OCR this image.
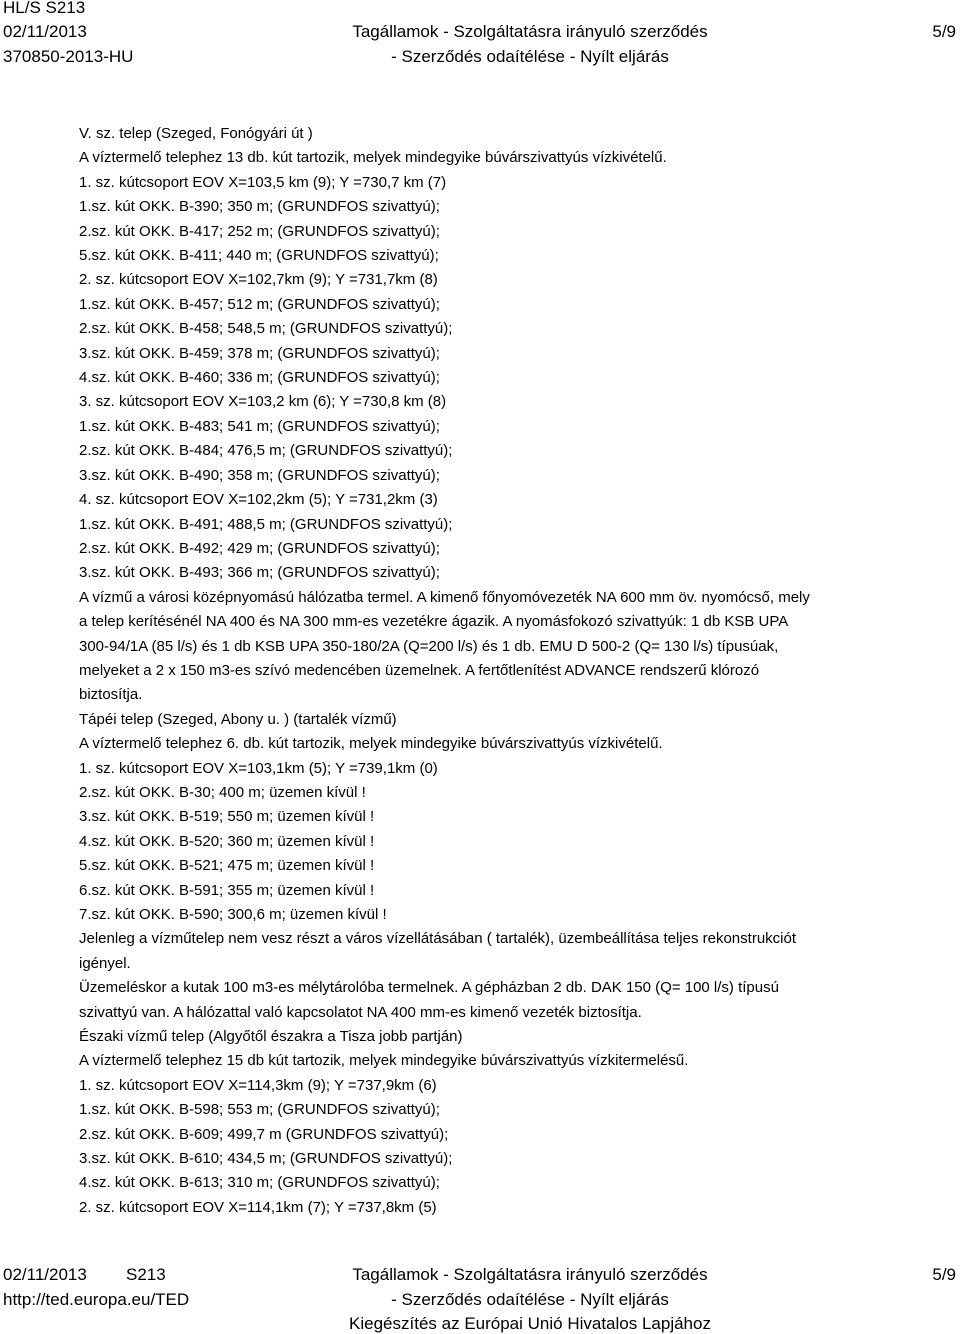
HL/S S213
02/11/2013
370850-2013-HU
Tagállamok - Szolgáltatásra irányuló szerződés
- Szerződés odaítélése - Nyílt eljárás
5/9

V. sz. telep (Szeged, Fonógyári út )

A víztermelő telephez 13 db. kút tartozik, melyek mindegyike búvárszivattyús vízkivételű.

1. sz. kútcsoport EOV X=103,5 km (9); Y =730,7 km (7)

1.sz. kút OKK. B-390; 350 m; (GRUNDFOS szivattyú);

2.sz. kút OKK. B-417; 252 m; (GRUNDFOS szivattyú);

5.sz. kút OKK. B-411; 440 m; (GRUNDFOS szivattyú);

2. sz. kútcsoport EOV X=102,7km (9); Y =731,7km (8)

1.sz. kút OKK. B-457; 512 m; (GRUNDFOS szivattyú);

2.sz. kút OKK. B-458; 548,5 m; (GRUNDFOS szivattyú);

3.sz. kút OKK. B-459; 378 m; (GRUNDFOS szivattyú);

4.sz. kút OKK. B-460; 336 m; (GRUNDFOS szivattyú);

3. sz. kútcsoport EOV X=103,2 km (6); Y =730,8 km (8)

1.sz. kút OKK. B-483; 541 m; (GRUNDFOS szivattyú);

2.sz. kút OKK. B-484; 476,5 m; (GRUNDFOS szivattyú);

3.sz. kút OKK. B-490; 358 m; (GRUNDFOS szivattyú);

4. sz. kútcsoport EOV X=102,2km (5); Y =731,2km (3)

1.sz. kút OKK. B-491; 488,5 m; (GRUNDFOS szivattyú);

2.sz. kút OKK. B-492; 429 m; (GRUNDFOS szivattyú);

3.sz. kút OKK. B-493; 366 m; (GRUNDFOS szivattyú);

A vízmű a városi középnyomású hálózatba termel. A kimenő főnyomóvezeték NA 600 mm öv. nyomócső, mely

a telep kerítésénél NA 400 és NA 300 mm-es vezetékre ágazik. A nyomásfokozó szivattyúk: 1 db KSB UPA

300-94/1A (85 l/s) és 1 db KSB UPA 350-180/2A (Q=200 l/s) és 1 db. EMU D 500-2 (Q= 130 l/s) típusúak,

melyeket a 2 x 150 m3-es szívó medencében üzemelnek. A fertőtlenítést ADVANCE rendszerű klórozó

biztosítja.

Tápéi telep (Szeged, Abony u. ) (tartalék vízmű)

A víztermelő telephez 6. db. kút tartozik, melyek mindegyike búvárszivattyús vízkivételű.

1. sz. kútcsoport EOV X=103,1km (5); Y =739,1km (0)

2.sz. kút OKK. B-30; 400 m; üzemen kívül !

3.sz. kút OKK. B-519; 550 m; üzemen kívül !

4.sz. kút OKK. B-520; 360 m; üzemen kívül !

5.sz. kút OKK. B-521; 475 m; üzemen kívül !

6.sz. kút OKK. B-591; 355 m; üzemen kívül !

7.sz. kút OKK. B-590; 300,6 m; üzemen kívül !

Jelenleg a vízműtelep nem vesz részt a város vízellátásában ( tartalék), üzembeállítása teljes rekonstrukciót

igényel.

Üzemeléskor a kutak 100 m3-es mélytárolóba termelnek. A gépházban 2 db. DAK 150 (Q= 100 l/s) típusú

szivattyú van. A hálózattal való kapcsolatot NA 400 mm-es kimenő vezeték biztosítja.

Északi vízmű telep (Algyőtől északra a Tisza jobb partján)

A víztermelő telephez 15 db kút tartozik, melyek mindegyike búvárszivattyús vízkitermelésű.

1. sz. kútcsoport EOV X=114,3km (9); Y =737,9km (6)

1.sz. kút OKK. B-598; 553 m; (GRUNDFOS szivattyú);

2.sz. kút OKK. B-609; 499,7 m (GRUNDFOS szivattyú);

3.sz. kút OKK. B-610; 434,5 m; (GRUNDFOS szivattyú);

4.sz. kút OKK. B-613; 310 m; (GRUNDFOS szivattyú);

2. sz. kútcsoport EOV X=114,1km (7); Y =737,8km (5)

02/11/2013 S213
http://ted.europa.eu/TED
Tagállamok - Szolgáltatásra irányuló szerződés
- Szerződés odaítélése - Nyílt eljárás
Kiegészítés az Európai Unió Hivatalos Lapjához
5/9
